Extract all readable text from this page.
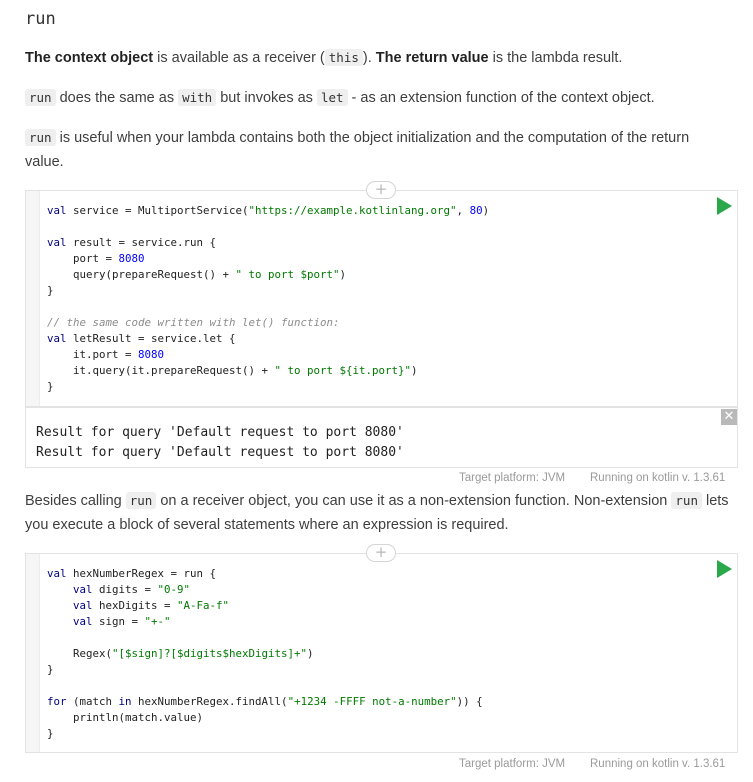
run
The context object is available as a receiver ( this ). The return value is the lambda result.
run does the same as with but invokes as let - as an extension function of the context object.
run is useful when your lambda contains both the object initialization and the computation of the return value.
val service = MultiportService("https://example.kotlinlang.org", 80)

val result = service.run {
port = 8080
query(prepareRequest() + " to port $port")
}

// the same code written with let() function:
val letResult = service.let {
it.port = 8080
it.query(it.prepareRequest() + " to port ${it.port}")
}
+
Result for query 'Default request to port 8080'
Result for query 'Default request to port 8080'
✕
Target platform: JVM Running on kotlin v. 1.3.61
Besides calling run on a receiver object, you can use it as a non-extension function. Non-extension run lets you execute a block of several statements where an expression is required.
val hexNumberRegex = run {
val digits = "0-9"
val hexDigits = "A-Fa-f"
val sign = "+-"

Regex("[$sign]?[$digits$hexDigits]+")
}

for (match in hexNumberRegex.findAll("+1234 -FFFF not-a-number")) {
println(match.value)
}
+
Target platform: JVM Running on kotlin v. 1.3.61
